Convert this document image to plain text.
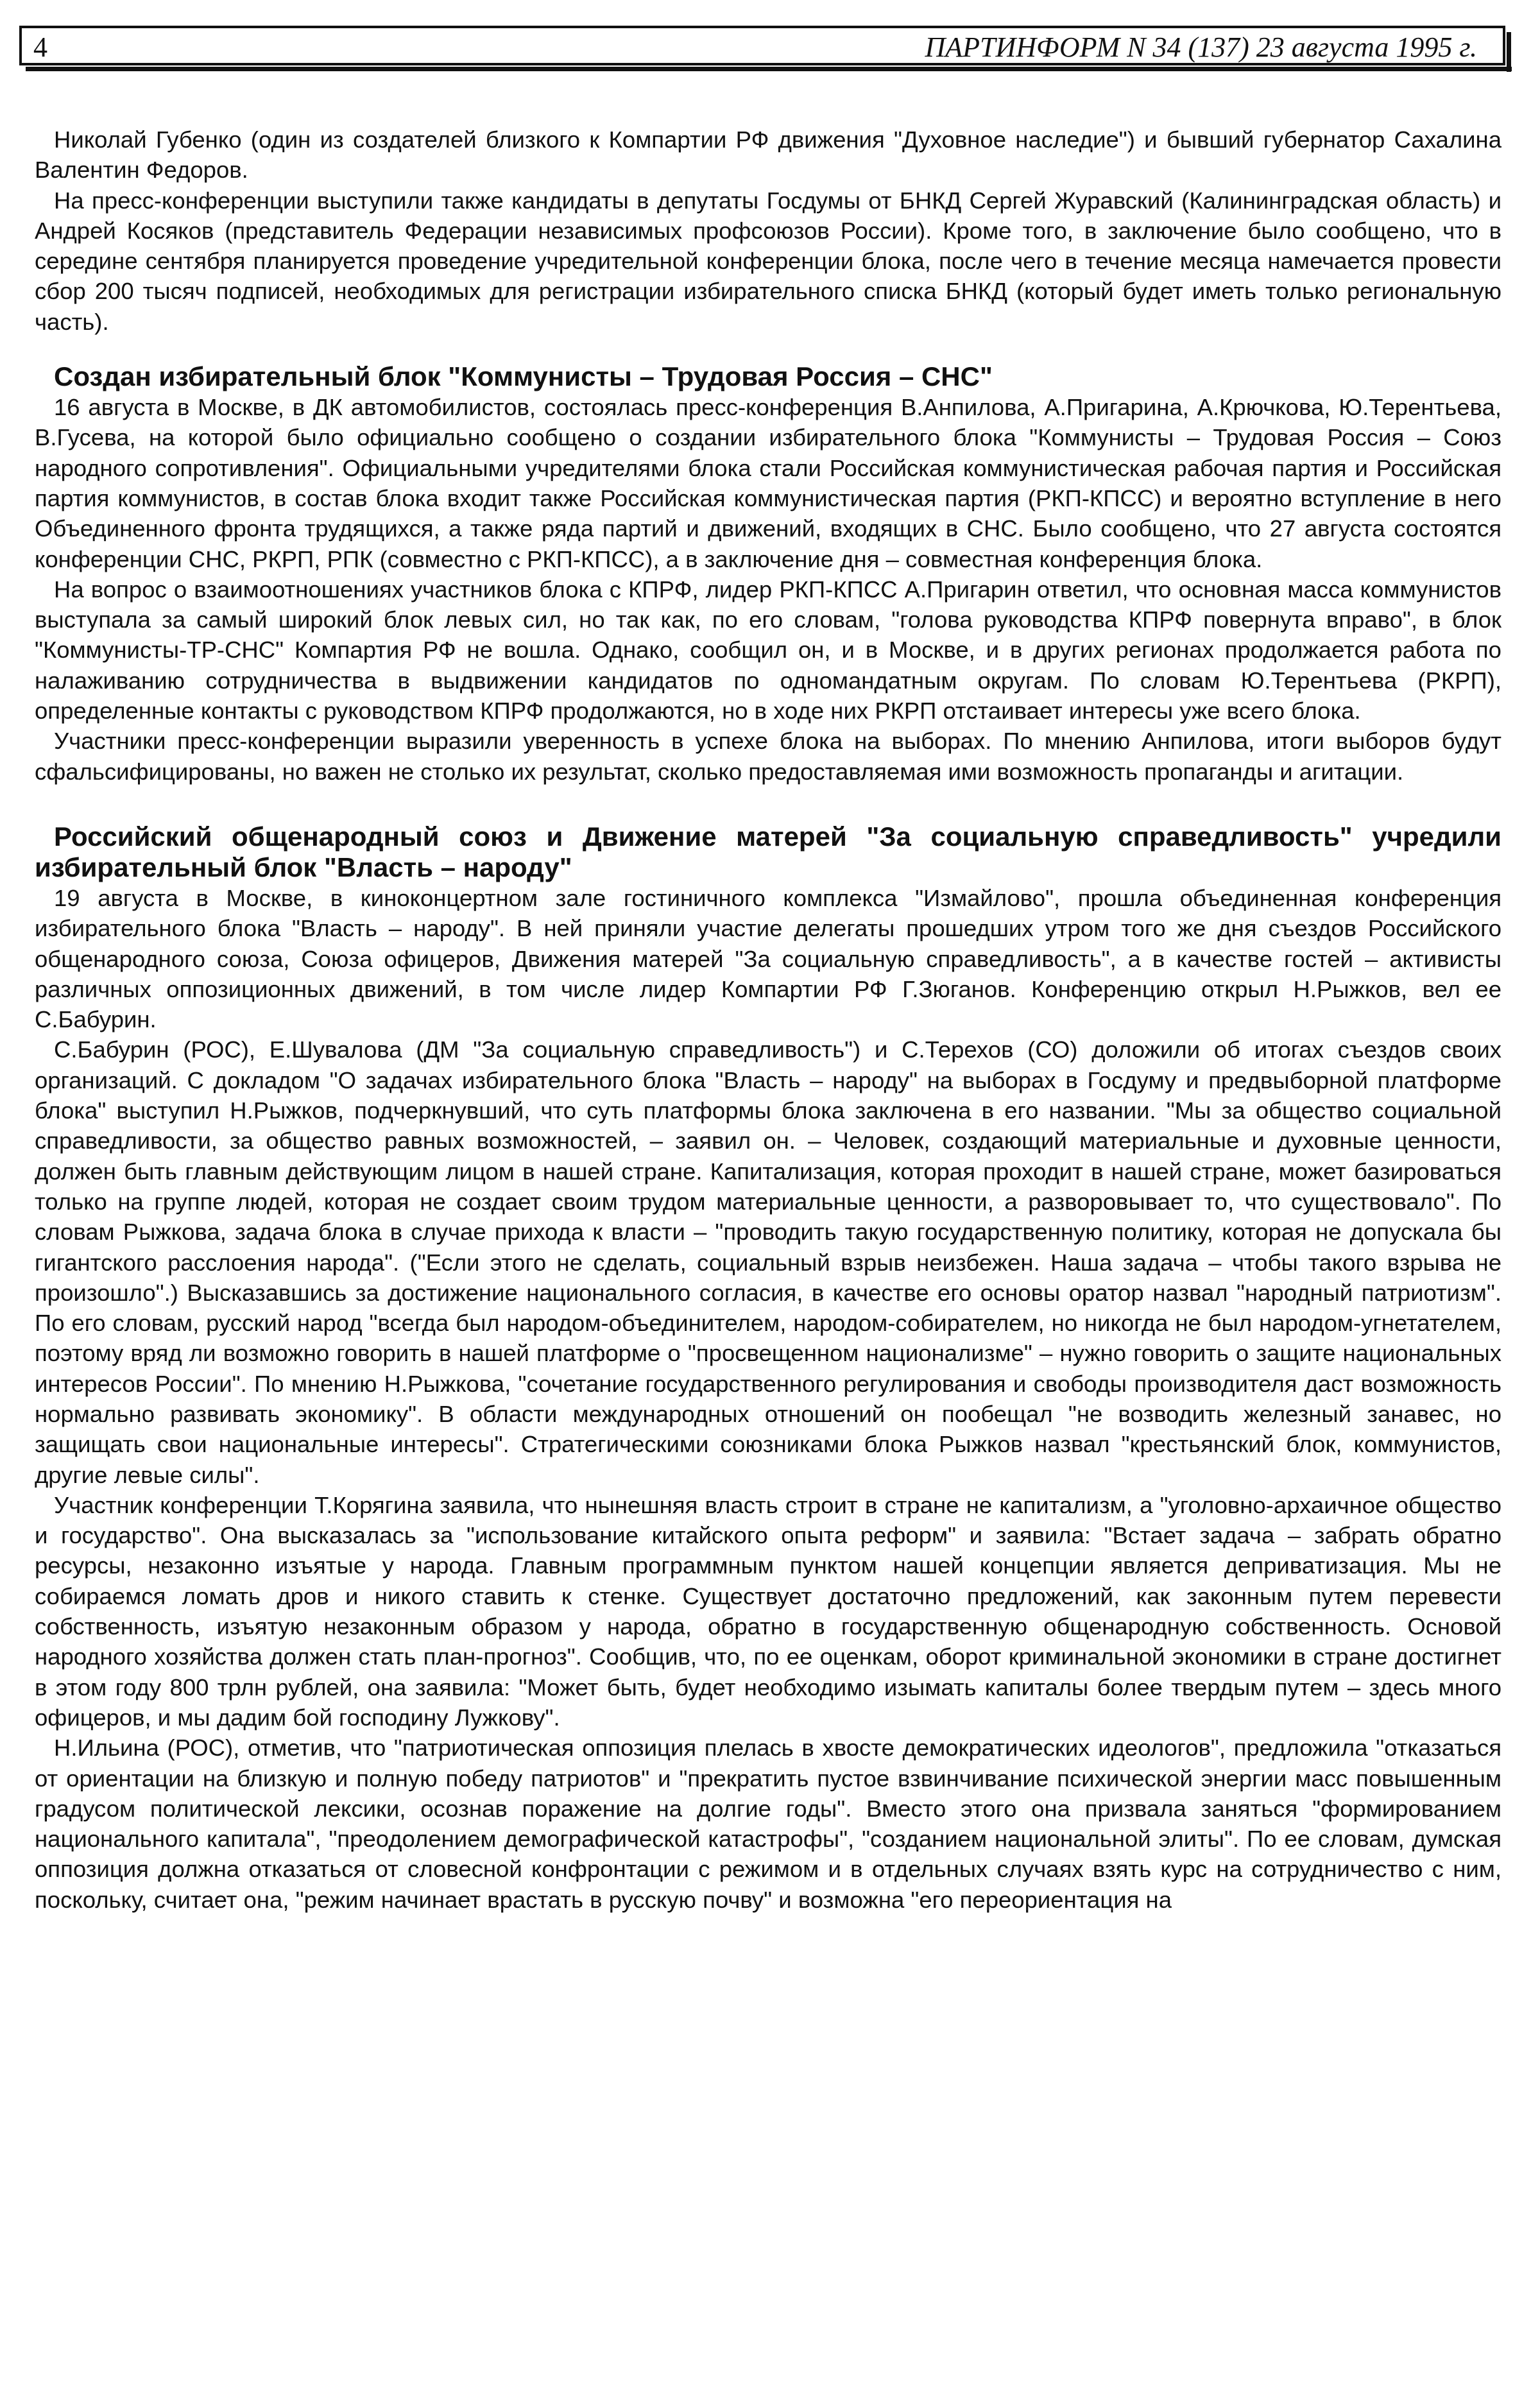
4	ПАРТИНФОРМ N 34 (137) 23 августа 1995 г.

Николай Губенко (один из создателей близкого к Компартии РФ движения "Духовное наследие") и бывший губернатор Сахалина Валентин Федоров.

На пресс-конференции выступили также кандидаты в депутаты Госдумы от БНКД Сергей Журавский (Калининградская область) и Андрей Косяков (представитель Федерации независимых профсоюзов России). Кроме того, в заключение было сообщено, что в середине сентября планируется проведение учредительной конференции блока, после чего в течение месяца намечается провести сбор 200 тысяч подписей, необходимых для регистрации избирательного списка БНКД (который будет иметь только региональную часть).

Создан избирательный блок "Коммунисты – Трудовая Россия – СНС"

16 августа в Москве, в ДК автомобилистов, состоялась пресс-конференция В.Анпилова, А.Пригарина, А.Крючкова, Ю.Терентьева, В.Гусева, на которой было официально сообщено о создании избирательного блока "Коммунисты – Трудовая Россия – Союз народного сопротивления". Официальными учредителями блока стали Российская коммунистическая рабочая партия и Российская партия коммунистов, в состав блока входит также Российская коммунистическая партия (РКП-КПСС) и вероятно вступление в него Объединенного фронта трудящихся, а также ряда партий и движений, входящих в СНС. Было сообщено, что 27 августа состоятся конференции СНС, РКРП, РПК (совместно с РКП-КПСС), а в заключение дня – совместная конференция блока.

На вопрос о взаимоотношениях участников блока с КПРФ, лидер РКП-КПСС А.Пригарин ответил, что основная масса коммунистов выступала за самый широкий блок левых сил, но так как, по его словам, "голова руководства КПРФ повернута вправо", в блок "Коммунисты-ТР-СНС" Компартия РФ не вошла. Однако, сообщил он, и в Москве, и в других регионах продолжается работа по налаживанию сотрудничества в выдвижении кандидатов по одномандатным округам. По словам Ю.Терентьева (РКРП), определенные контакты с руководством КПРФ продолжаются, но в ходе них РКРП отстаивает интересы уже всего блока.

Участники пресс-конференции выразили уверенность в успехе блока на выборах. По мнению Анпилова, итоги выборов будут сфальсифицированы, но важен не столько их результат, сколько предоставляемая ими возможность пропаганды и агитации.

Российский общенародный союз и Движение матерей "За социальную справедливость" учредили избирательный блок "Власть – народу"

19 августа в Москве, в киноконцертном зале гостиничного комплекса "Измайлово", прошла объединенная конференция избирательного блока "Власть – народу". В ней приняли участие делегаты прошедших утром того же дня съездов Российского общенародного союза, Союза офицеров, Движения матерей "За социальную справедливость", а в качестве гостей – активисты различных оппозиционных движений, в том числе лидер Компартии РФ Г.Зюганов. Конференцию открыл Н.Рыжков, вел ее С.Бабурин.

С.Бабурин (РОС), Е.Шувалова (ДМ "За социальную справедливость") и С.Терехов (СО) доложили об итогах съездов своих организаций. С докладом "О задачах избирательного блока "Власть – народу" на выборах в Госдуму и предвыборной платформе блока" выступил Н.Рыжков, подчеркнувший, что суть платформы блока заключена в его названии. "Мы за общество социальной справедливости, за общество равных возможностей, – заявил он. – Человек, создающий материальные и духовные ценности, должен быть главным действующим лицом в нашей стране. Капитализация, которая проходит в нашей стране, может базироваться только на группе людей, которая не создает своим трудом материальные ценности, а разворовывает то, что существовало". По словам Рыжкова, задача блока в случае прихода к власти – "проводить такую государственную политику, которая не допускала бы гигантского расслоения народа". ("Если этого не сделать, социальный взрыв неизбежен. Наша задача – чтобы такого взрыва не произошло".) Высказавшись за достижение национального согласия, в качестве его основы оратор назвал "народный патриотизм". По его словам, русский народ "всегда был народом-объединителем, народом-собирателем, но никогда не был народом-угнетателем, поэтому вряд ли возможно говорить в нашей платформе о "просвещенном национализме" – нужно говорить о защите национальных интересов России". По мнению Н.Рыжкова, "сочетание государственного регулирования и свободы производителя даст возможность нормально развивать экономику". В области международных отношений он пообещал "не возводить железный занавес, но защищать свои национальные интересы". Стратегическими союзниками блока Рыжков назвал "крестьянский блок, коммунистов, другие левые силы".

Участник конференции Т.Корягина заявила, что нынешняя власть строит в стране не капитализм, а "уголовно-архаичное общество и государство". Она высказалась за "использование китайского опыта реформ" и заявила: "Встает задача – забрать обратно ресурсы, незаконно изъятые у народа. Главным программным пунктом нашей концепции является деприватизация. Мы не собираемся ломать дров и никого ставить к стенке. Существует достаточно предложений, как законным путем перевести собственность, изъятую незаконным образом у народа, обратно в государственную общенародную собственность. Основой народного хозяйства должен стать план-прогноз". Сообщив, что, по ее оценкам, оборот криминальной экономики в стране достигнет в этом году 800 трлн рублей, она заявила: "Может быть, будет необходимо изымать капиталы более твердым путем – здесь много офицеров, и мы дадим бой господину Лужкову".

Н.Ильина (РОС), отметив, что "патриотическая оппозиция плелась в хвосте демократических идеологов", предложила "отказаться от ориентации на близкую и полную победу патриотов" и "прекратить пустое взвинчивание психической энергии масс повышенным градусом политической лексики, осознав поражение на долгие годы". Вместо этого она призвала заняться "формированием национального капитала", "преодолением демографической катастрофы", "созданием национальной элиты". По ее словам, думская оппозиция должна отказаться от словесной конфронтации с режимом и в отдельных случаях взять курс на сотрудничество с ним, поскольку, считает она, "режим начинает врастать в русскую почву" и возможна "его переориентация на
